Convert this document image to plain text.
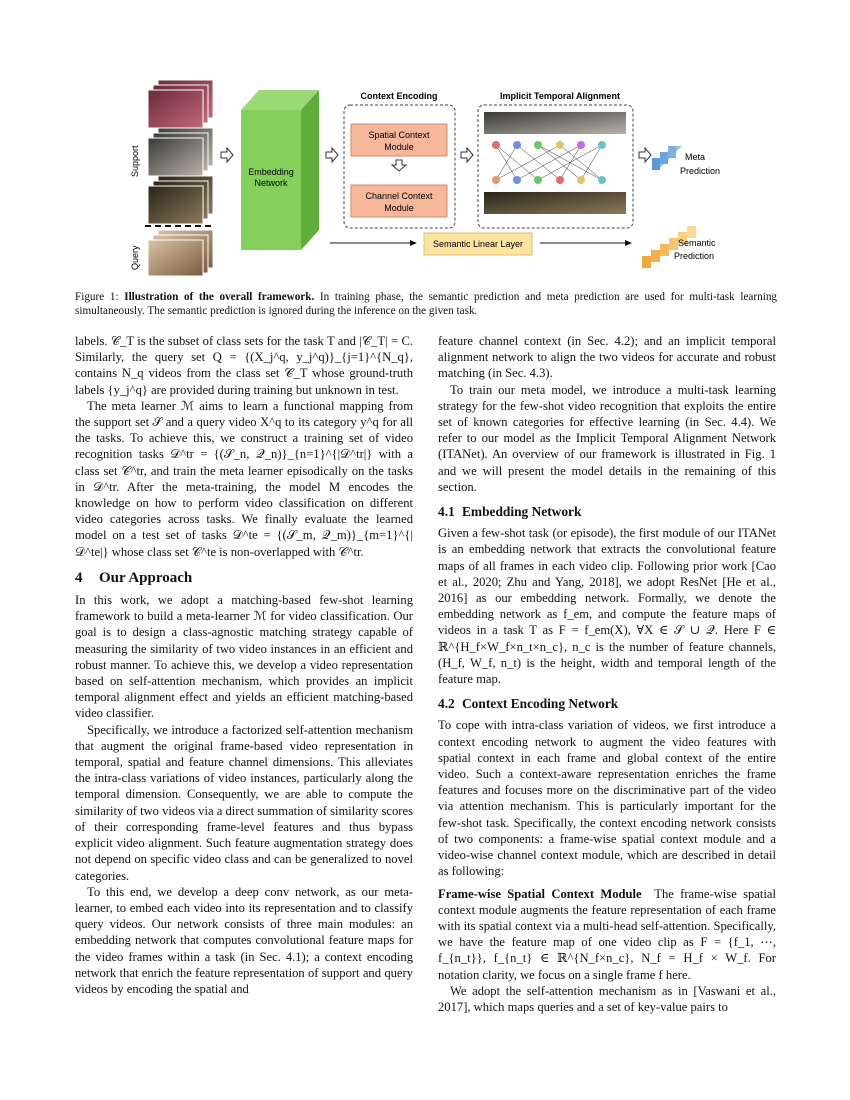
Support
Query
Embedding
Network
Context Encoding
Spatial Context
Module
Channel Context
Module
Implicit Temporal Alignment
Meta
Prediction
Semantic Linear Layer	Semantic
Prediction
Figure 1: Illustration of the overall framework. In training phase, the semantic prediction and meta prediction are used for multi-task learning simultaneously. The semantic prediction is ignored during the inference on the given task.

labels. 𝒞_T is the subset of class sets for the task T and |𝒞_T| = C. Similarly, the query set Q = {(X_j^q, y_j^q)}_{j=1}^{N_q}, contains N_q videos from the class set 𝒞_T whose ground-truth labels {y_j^q} are provided during training but unknown in test.

The meta learner ℳ aims to learn a functional mapping from the support set 𝒮 and a query video X^q to its category y^q for all the tasks. To achieve this, we construct a training set of video recognition tasks 𝒟^tr = {(𝒮_n, 𝒬_n)}_{n=1}^{|𝒟^tr|} with a class set 𝒞^tr, and train the meta learner episodically on the tasks in 𝒟^tr. After the meta-training, the model M encodes the knowledge on how to perform video classification on different video categories across tasks. We finally evaluate the learned model on a test set of tasks 𝒟^te = {(𝒮_m, 𝒬_m)}_{m=1}^{|𝒟^te|} whose class set 𝒞^te is non-overlapped with 𝒞^tr.

4 Our Approach

In this work, we adopt a matching-based few-shot learning framework to build a meta-learner ℳ for video classification. Our goal is to design a class-agnostic matching strategy capable of measuring the similarity of two video instances in an efficient and robust manner. To achieve this, we develop a video representation based on self-attention mechanism, which provides an implicit temporal alignment effect and yields an efficient matching-based video classifier.

Specifically, we introduce a factorized self-attention mechanism that augment the original frame-based video representation in temporal, spatial and feature channel dimensions. This alleviates the intra-class variations of video instances, particularly along the temporal dimension. Consequently, we are able to compute the similarity of two videos via a direct summation of similarity scores of their corresponding frame-level features and thus bypass explicit video alignment. Such feature augmentation strategy does not depend on specific video class and can be generalized to novel categories.

To this end, we develop a deep conv network, as our meta-learner, to embed each video into its representation and to classify query videos. Our network consists of three main modules: an embedding network that computes convolutional feature maps for the video frames within a task (in Sec. 4.1); a context encoding network that enrich the feature representation of support and query videos by encoding the spatial and

feature channel context (in Sec. 4.2); and an implicit temporal alignment network to align the two videos for accurate and robust matching (in Sec. 4.3).

To train our meta model, we introduce a multi-task learning strategy for the few-shot video recognition that exploits the entire set of known categories for effective learning (in Sec. 4.4). We refer to our model as the Implicit Temporal Alignment Network (ITANet). An overview of our framework is illustrated in Fig. 1 and we will present the model details in the remaining of this section.

4.1 Embedding Network

Given a few-shot task (or episode), the first module of our ITANet is an embedding network that extracts the convolutional feature maps of all frames in each video clip. Following prior work [Cao et al., 2020; Zhu and Yang, 2018], we adopt ResNet [He et al., 2016] as our embedding network. Formally, we denote the embedding network as f_em, and compute the feature maps of videos in a task T as F = f_em(X), ∀X ∈ 𝒮 ∪ 𝒬. Here F ∈ ℝ^{H_f×W_f×n_t×n_c}, n_c is the number of feature channels, (H_f, W_f, n_t) is the height, width and temporal length of the feature map.

4.2 Context Encoding Network

To cope with intra-class variation of videos, we first introduce a context encoding network to augment the video features with spatial context in each frame and global context of the entire video. Such a context-aware representation enriches the frame features and focuses more on the discriminative part of the video via attention mechanism. This is particularly important for the few-shot task. Specifically, the context encoding network consists of two components: a frame-wise spatial context module and a video-wise channel context module, which are described in detail as following:

Frame-wise Spatial Context Module The frame-wise spatial context module augments the feature representation of each frame with its spatial context via a multi-head self-attention. Specifically, we have the feature map of one video clip as F = {f_1, ⋯, f_{n_t}}, f_{n_t} ∈ ℝ^{N_f×n_c}, N_f = H_f × W_f. For notation clarity, we focus on a single frame f here.

We adopt the self-attention mechanism as in [Vaswani et al., 2017], which maps queries and a set of key-value pairs to
